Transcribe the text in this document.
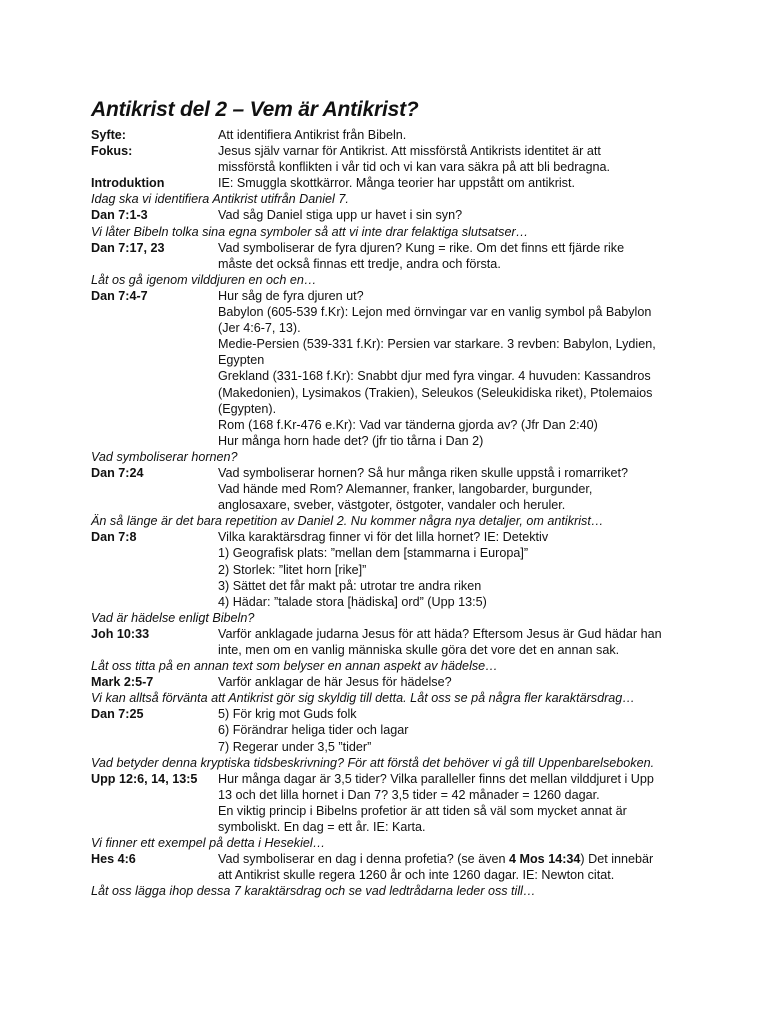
Antikrist del 2 – Vem är Antikrist?
Syfte:	Att identifiera Antikrist från Bibeln.
Fokus:	Jesus själv varnar för Antikrist. Att missförstå Antikrists identitet är att
missförstå konflikten i vår tid och vi kan vara säkra på att bli bedragna.
Introduktion	IE: Smuggla skottkärror. Många teorier har uppstått om antikrist.
Idag ska vi identifiera Antikrist utifrån Daniel 7.
Dan 7:1-3	Vad såg Daniel stiga upp ur havet i sin syn?
Vi låter Bibeln tolka sina egna symboler så att vi inte drar felaktiga slutsatser…
Dan 7:17, 23	Vad symboliserar de fyra djuren? Kung = rike. Om det finns ett fjärde rike
måste det också finnas ett tredje, andra och första.
Låt os gå igenom vilddjuren en och en…
Dan 7:4-7	Hur såg de fyra djuren ut?
Babylon (605-539 f.Kr): Lejon med örnvingar var en vanlig symbol på Babylon
(Jer 4:6-7, 13).
Medie-Persien (539-331 f.Kr): Persien var starkare. 3 revben: Babylon, Lydien,
Egypten
Grekland (331-168 f.Kr): Snabbt djur med fyra vingar. 4 huvuden: Kassandros
(Makedonien), Lysimakos (Trakien), Seleukos (Seleukidiska riket), Ptolemaios
(Egypten).
Rom (168 f.Kr-476 e.Kr): Vad var tänderna gjorda av? (Jfr Dan 2:40)
Hur många horn hade det? (jfr tio tårna i Dan 2)
Vad symboliserar hornen?
Dan 7:24	Vad symboliserar hornen? Så hur många riken skulle uppstå i romarriket?
Vad hände med Rom? Alemanner, franker, langobarder, burgunder,
anglosaxare, sveber, västgoter, östgoter, vandaler och heruler.
Än så länge är det bara repetition av Daniel 2. Nu kommer några nya detaljer, om antikrist…
Dan 7:8	Vilka karaktärsdrag finner vi för det lilla hornet? IE: Detektiv
1) Geografisk plats: ”mellan dem [stammarna i Europa]”
2) Storlek: ”litet horn [rike]”
3) Sättet det får makt på: utrotar tre andra riken
4) Hädar: ”talade stora [hädiska] ord” (Upp 13:5)
Vad är hädelse enligt Bibeln?
Joh 10:33	Varför anklagade judarna Jesus för att häda? Eftersom Jesus är Gud hädar han
inte, men om en vanlig människa skulle göra det vore det en annan sak.
Låt oss titta på en annan text som belyser en annan aspekt av hädelse…
Mark 2:5-7	Varför anklagar de här Jesus för hädelse?
Vi kan alltså förvänta att Antikrist gör sig skyldig till detta. Låt oss se på några fler karaktärsdrag…
Dan 7:25	5) För krig mot Guds folk
6) Förändrar heliga tider och lagar
7) Regerar under 3,5 ”tider”
Vad betyder denna kryptiska tidsbeskrivning? För att förstå det behöver vi gå till Uppenbarelseboken.
Upp 12:6, 14, 13:5	Hur många dagar är 3,5 tider? Vilka paralleller finns det mellan vilddjuret i Upp
13 och det lilla hornet i Dan 7? 3,5 tider = 42 månader = 1260 dagar.
En viktig princip i Bibelns profetior är att tiden så väl som mycket annat är
symboliskt. En dag = ett år. IE: Karta.
Vi finner ett exempel på detta i Hesekiel…
Hes 4:6	Vad symboliserar en dag i denna profetia? (se även 4 Mos 14:34) Det innebär
att Antikrist skulle regera 1260 år och inte 1260 dagar. IE: Newton citat.
Låt oss lägga ihop dessa 7 karaktärsdrag och se vad ledtrådarna leder oss till…
